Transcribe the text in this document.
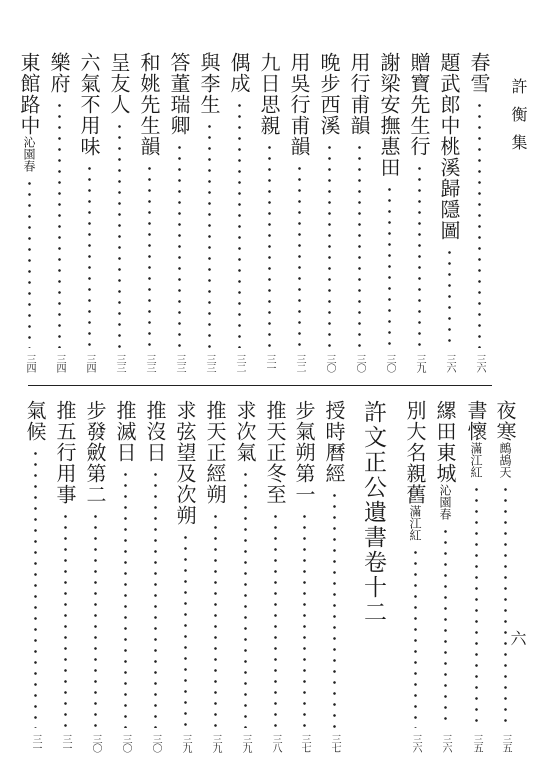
許衡集
六
春雪
三六
題武郎中桃溪歸隱圖
三六
贈寶先生行
三九
謝梁安撫惠田
三〇
用行甫韻
三〇
晚步西溪
三〇
用吳行甫韻
三二
九日思親
三一
偶成
三二
與李生
三三
答董瑞卿
三三
和姚先生韻
三三
呈友人
三三
六氣不用味
三四
樂府
三四
東館路中沁園春
三四
夜寒鷓鴣天
三五
書懷滿江紅
三五
縲田東城沁園春
三六
別大名親舊滿江紅
三六
許文正公遺書卷十二
授時曆經
三七
步氣朔第一
三七
推天正冬至
三八
求次氣
三九
推天正經朔
三九
求弦望及次朔
三九
推沒日
三〇
推滅日
三〇
步發斂第二
三〇
推五行用事
三一
氣候
三一
